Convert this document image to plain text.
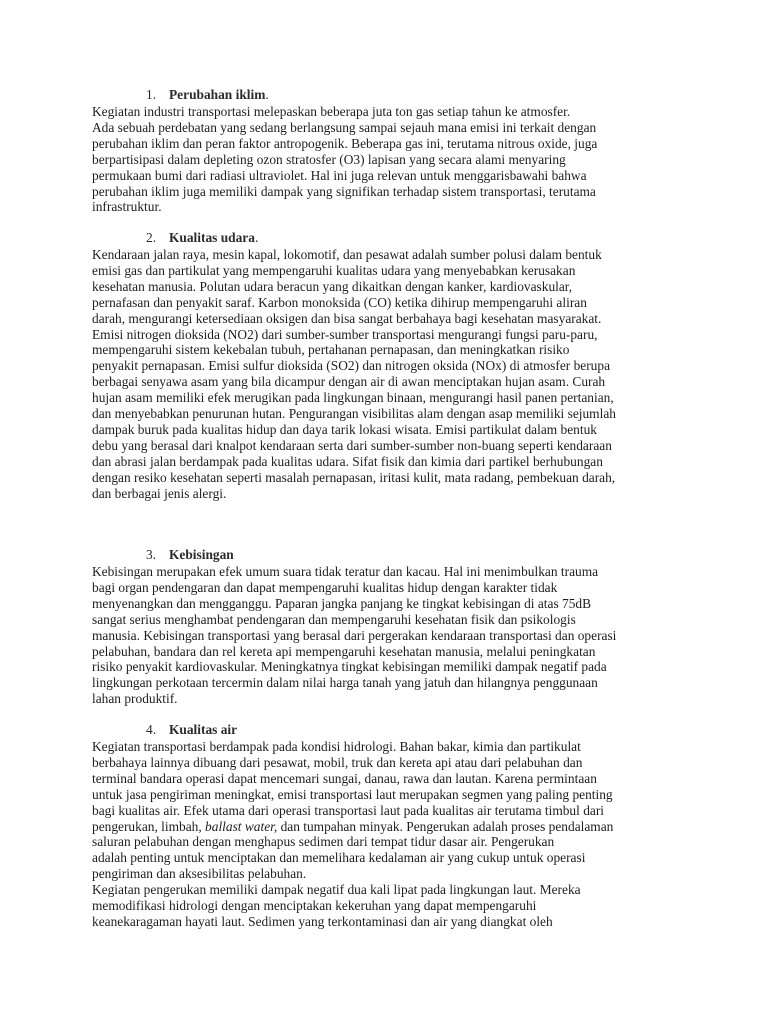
1. Perubahan iklim.

Kegiatan industri transportasi melepaskan beberapa juta ton gas setiap tahun ke atmosfer.
Ada sebuah perdebatan yang sedang berlangsung sampai sejauh mana emisi ini terkait dengan
perubahan iklim dan peran faktor antropogenik. Beberapa gas ini, terutama nitrous oxide, juga
berpartisipasi dalam depleting ozon stratosfer (O3) lapisan yang secara alami menyaring
permukaan bumi dari radiasi ultraviolet. Hal ini juga relevan untuk menggarisbawahi bahwa
perubahan iklim juga memiliki dampak yang signifikan terhadap sistem transportasi, terutama
infrastruktur.

2. Kualitas udara.

Kendaraan jalan raya, mesin kapal, lokomotif, dan pesawat adalah sumber polusi dalam bentuk
emisi gas dan partikulat yang mempengaruhi kualitas udara yang menyebabkan kerusakan
kesehatan manusia. Polutan udara beracun yang dikaitkan dengan kanker, kardiovaskular,
pernafasan dan penyakit saraf. Karbon monoksida (CO) ketika dihirup mempengaruhi aliran
darah, mengurangi ketersediaan oksigen dan bisa sangat berbahaya bagi kesehatan masyarakat.
Emisi nitrogen dioksida (NO2) dari sumber-sumber transportasi mengurangi fungsi paru-paru,
mempengaruhi sistem kekebalan tubuh, pertahanan pernapasan, dan meningkatkan risiko
penyakit pernapasan. Emisi sulfur dioksida (SO2) dan nitrogen oksida (NOx) di atmosfer berupa
berbagai senyawa asam yang bila dicampur dengan air di awan menciptakan hujan asam. Curah
hujan asam memiliki efek merugikan pada lingkungan binaan, mengurangi hasil panen pertanian,
dan menyebabkan penurunan hutan. Pengurangan visibilitas alam dengan asap memiliki sejumlah
dampak buruk pada kualitas hidup dan daya tarik lokasi wisata. Emisi partikulat dalam bentuk
debu yang berasal dari knalpot kendaraan serta dari sumber-sumber non-buang seperti kendaraan
dan abrasi jalan berdampak pada kualitas udara. Sifat fisik dan kimia dari partikel berhubungan
dengan resiko kesehatan seperti masalah pernapasan, iritasi kulit, mata radang, pembekuan darah,
dan berbagai jenis alergi.

3. Kebisingan

Kebisingan merupakan efek umum suara tidak teratur dan kacau. Hal ini menimbulkan trauma
bagi organ pendengaran dan dapat mempengaruhi kualitas hidup dengan karakter tidak
menyenangkan dan mengganggu. Paparan jangka panjang ke tingkat kebisingan di atas 75dB
sangat serius menghambat pendengaran dan mempengaruhi kesehatan fisik dan psikologis
manusia. Kebisingan transportasi yang berasal dari pergerakan kendaraan transportasi dan operasi
pelabuhan, bandara dan rel kereta api mempengaruhi kesehatan manusia, melalui peningkatan
risiko penyakit kardiovaskular. Meningkatnya tingkat kebisingan memiliki dampak negatif pada
lingkungan perkotaan tercermin dalam nilai harga tanah yang jatuh dan hilangnya penggunaan
lahan produktif.

4. Kualitas air

Kegiatan transportasi berdampak pada kondisi hidrologi. Bahan bakar, kimia dan partikulat
berbahaya lainnya dibuang dari pesawat, mobil, truk dan kereta api atau dari pelabuhan dan
terminal bandara operasi dapat mencemari sungai, danau, rawa dan lautan. Karena permintaan
untuk jasa pengiriman meningkat, emisi transportasi laut merupakan segmen yang paling penting
bagi kualitas air. Efek utama dari operasi transportasi laut pada kualitas air terutama timbul dari
pengerukan, limbah, ballast water, dan tumpahan minyak. Pengerukan adalah proses pendalaman
saluran pelabuhan dengan menghapus sedimen dari tempat tidur dasar air. Pengerukan
adalah penting untuk menciptakan dan memelihara kedalaman air yang cukup untuk operasi
pengiriman dan aksesibilitas pelabuhan.

Kegiatan pengerukan memiliki dampak negatif dua kali lipat pada lingkungan laut. Mereka
memodifikasi hidrologi dengan menciptakan kekeruhan yang dapat mempengaruhi
keanekaragaman hayati laut. Sedimen yang terkontaminasi dan air yang diangkat oleh
